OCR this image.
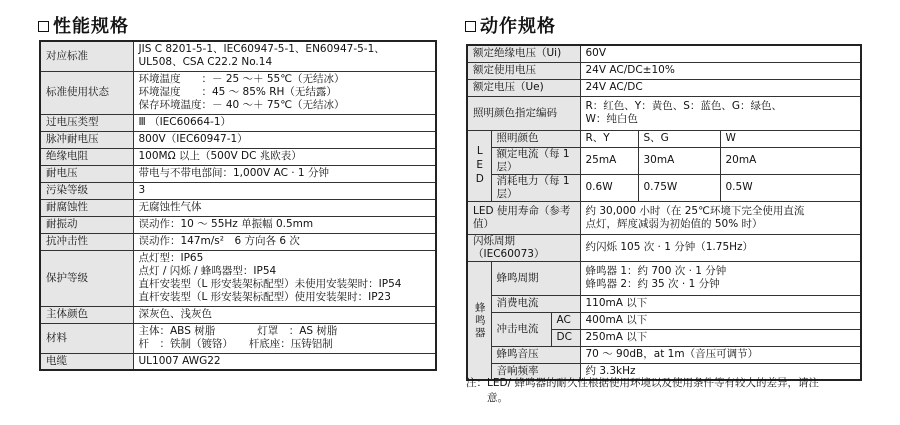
性能规格
对应标准	JIS C 8201-5-1、IEC60947-5-1、EN60947-5-1、
UL508、CSA C22.2 No.14

标准使用状态	环境温度　　：－ 25 ～＋ 55℃（无结冰）
环境湿度　　：45 ～ 85% RH（无结露）
保存环境温度：－ 40 ～＋ 75℃（无结冰）

过电压类型	Ⅲ （IEC60664-1）

脉冲耐电压	800V（IEC60947-1）

绝缘电阻	100MΩ 以上（500V DC 兆欧表）

耐电压	带电与不带电部间：1,000V AC · 1 分钟

污染等级	3

耐腐蚀性	无腐蚀性气体

耐振动	误动作：10 ～ 55Hz 单振幅 0.5mm

抗冲击性	误动作：147m/s²　6 方向各 6 次

保护等级	点灯型：IP65
点灯 / 闪烁 / 蜂鸣器型：IP54
直杆安装型（L 形安装架标配型）未使用安装架时：IP54
直杆安装型（L 形安装架标配型）使用安装架时：IP23

主体颜色	深灰色、浅灰色

材料	主体：ABS 树脂　　　　灯罩　：AS 树脂
杆　：铁制（镀铬）　　杆底座：压铸铝制

电缆	UL1007 AWG22
动作规格
额定绝缘电压（Ui)			60V		
额定使用电压			24V AC/DC±10%		
额定电压（Ue)			24V AC/DC		
照明颜色指定编码			R：红色、Y：黄色、S：蓝色、G：绿色、
W：纯白色		

LED	照明颜色		R、Y	S、G	W
	额定电流（每 1 层）		25mA	30mA	20mA
	消耗电力（每 1 层）		0.6W	0.75W	0.5W
LED 使用寿命（参考值）			约 30,000 小时（在 25℃环境下完全使用直流
点灯，辉度减弱为初始值的 50% 时）		

闪烁周期（IEC60073）			约闪烁 105 次 · 1 分钟（1.75Hz）		
蜂鸣器	蜂鸣周期		蜂鸣器 1：约 700 次 · 1 分钟
蜂鸣器 2：约 35 次 · 1 分钟		

	消费电流		110mA 以下		
	冲击电流	AC	400mA 以下		
		DC	250mA 以下		
	蜂鸣音压		70 ～ 90dB，at 1m（音压可调节）		
	音响频率		约 3.3kHz		
注：LED/ 蜂鸣器的耐久性根据使用环境以及使用条件等有较大的差异，请注
　　意。
